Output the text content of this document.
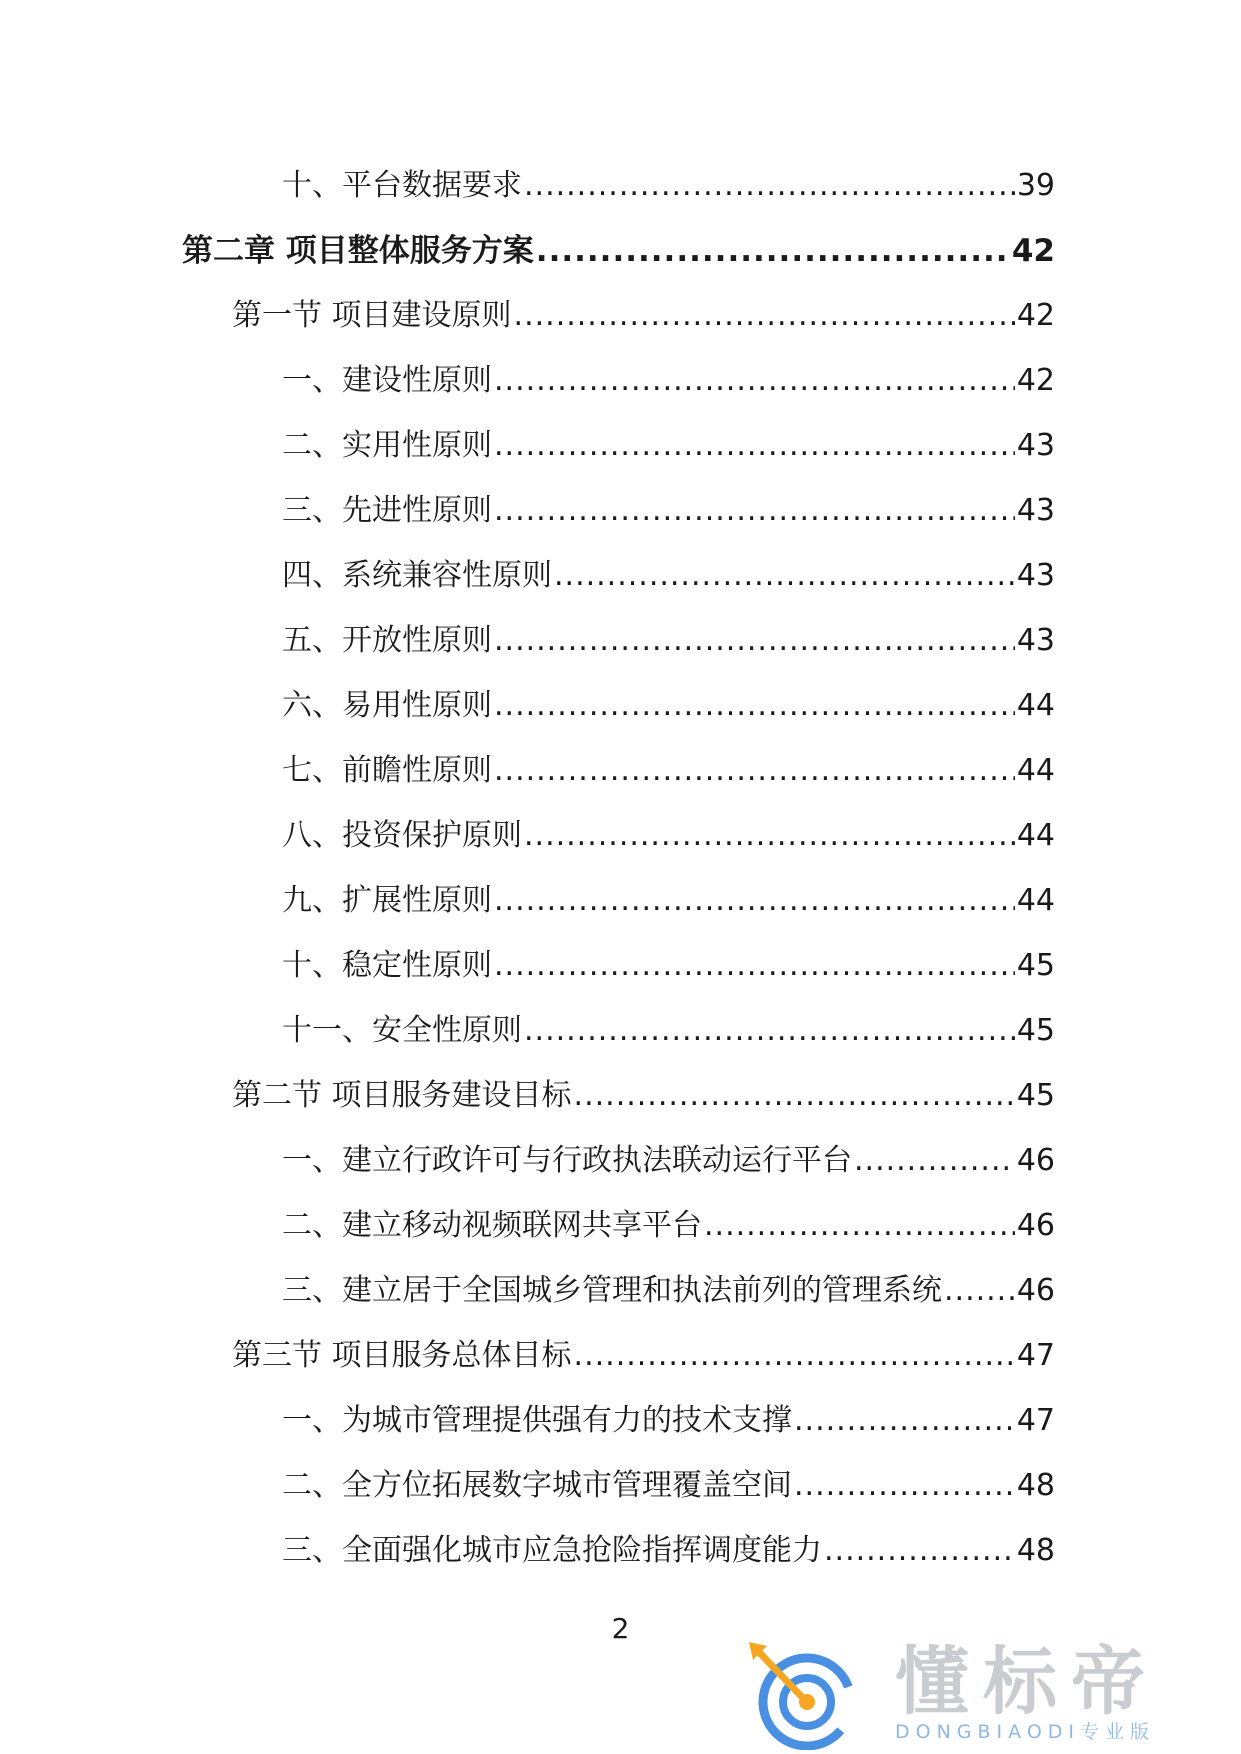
十、平台数据要求 .....	39
第二章 项目整体服务方案 .....	42
第一节 项目建设原则 .....	42
一、建设性原则 .....	42
二、实用性原则 .....	43
三、先进性原则 .....	43
四、系统兼容性原则 .....	43
五、开放性原则 .....	43
六、易用性原则 .....	44
七、前瞻性原则 .....	44
八、投资保护原则 .....	44
九、扩展性原则 .....	44
十、稳定性原则 .....	45
十一、安全性原则 .....	45
第二节 项目服务建设目标 .....	45
一、建立行政许可与行政执法联动运行平台 .....	46
二、建立移动视频联网共享平台 .....	46
三、建立居于全国城乡管理和执法前列的管理系统 ..... 46
第三节 项目服务总体目标 .....	47
一、为城市管理提供强有力的技术支撑 .....	47
二、全方位拓展数字城市管理覆盖空间 .....	48
三、全面强化城市应急抢险指挥调度能力 .....	48
2
懂标帝
DONGBIAODI专业版
